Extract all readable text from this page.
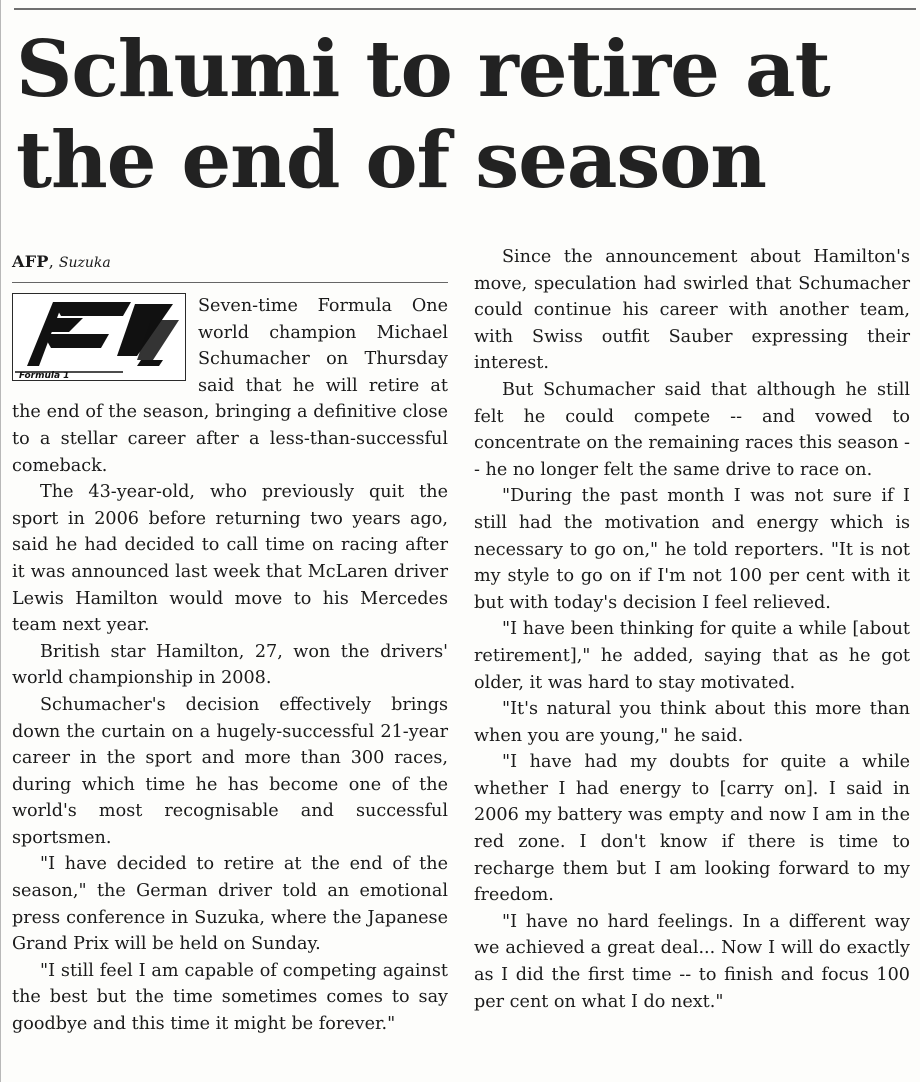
Schumi to retire at
the end of season
AFP, Suzuka
Formula 1

Seven-time Formula One world champion Michael Schumacher on Thursday said that he will retire at the end of the season, bringing a definitive close to a stellar career after a less-than-successful comeback.

The 43-year-old, who previously quit the sport in 2006 before returning two years ago, said he had decided to call time on racing after it was announced last week that McLaren driver Lewis Hamilton would move to his Mercedes team next year.

British star Hamilton, 27, won the drivers' world championship in 2008.

Schumacher's decision effectively brings down the curtain on a hugely-successful 21-year career in the sport and more than 300 races, during which time he has become one of the world's most recognisable and successful sportsmen.

"I have decided to retire at the end of the season," the German driver told an emotional press conference in Suzuka, where the Japanese Grand Prix will be held on Sunday.

"I still feel I am capable of competing against the best but the time sometimes comes to say goodbye and this time it might be forever."

Since the announcement about Hamilton's move, speculation had swirled that Schumacher could continue his career with another team, with Swiss outfit Sauber expressing their interest.

But Schumacher said that although he still felt he could compete -- and vowed to concentrate on the remaining races this season -- he no longer felt the same drive to race on.

"During the past month I was not sure if I still had the motivation and energy which is necessary to go on," he told reporters. "It is not my style to go on if I'm not 100 per cent with it but with today's decision I feel relieved.

"I have been thinking for quite a while [about retirement]," he added, saying that as he got older, it was hard to stay motivated.

"It's natural you think about this more than when you are young," he said.

"I have had my doubts for quite a while whether I had energy to [carry on]. I said in 2006 my battery was empty and now I am in the red zone. I don't know if there is time to recharge them but I am looking forward to my freedom.

"I have no hard feelings. In a different way we achieved a great deal... Now I will do exactly as I did the first time -- to finish and focus 100 per cent on what I do next."
